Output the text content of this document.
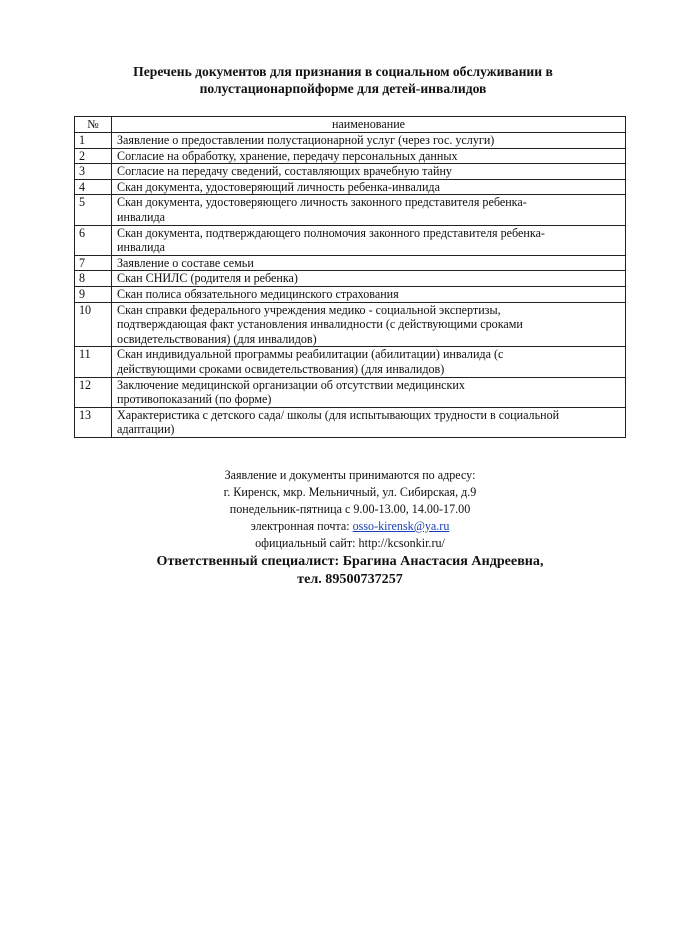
Перечень документов для признания в социальном обслуживании в
полустационарпойформе для детей-инвалидов
№	наименование
1	Заявление о предоставлении полустационарной услуг (через гос. услуги)

2	Согласие на обработку, хранение, передачу персональных данных

3	Согласие на передачу сведений, составляющих врачебную тайну

4	Скан документа, удостоверяющий личность ребенка-инвалида

5	Скан документа, удостоверяющего личность законного представителя ребенка-
инвалида

6	Скан документа, подтверждающего полномочия законного представителя ребенка-
инвалида

7	Заявление о составе семьи

8	Скан СНИЛС (родителя и ребенка)

9	Скан полиса обязательного медицинского страхования

10	Скан справки федерального учреждения медико - социальной экспертизы,
подтверждающая факт установления инвалидности (с действующими сроками
освидетельствования) (для инвалидов)

11	Скан индивидуальной программы реабилитации (абилитации) инвалида (с
действующими сроками освидетельствования) (для инвалидов)

12	Заключение медицинской организации об отсутствии медицинских
противопоказаний (по форме)

13	Характеристика с детского сада/ школы (для испытывающих трудности в социальной
адаптации)
Заявление и документы принимаются по адресу:
г. Киренск, мкр. Мельничный, ул. Сибирская, д.9
понедельник-пятница с 9.00-13.00, 14.00-17.00
электронная почта: osso-kirensk@ya.ru
официальный сайт: http://kcsonkir.ru/
Ответственный специалист: Брагина Анастасия Андреевна,
тел. 89500737257
